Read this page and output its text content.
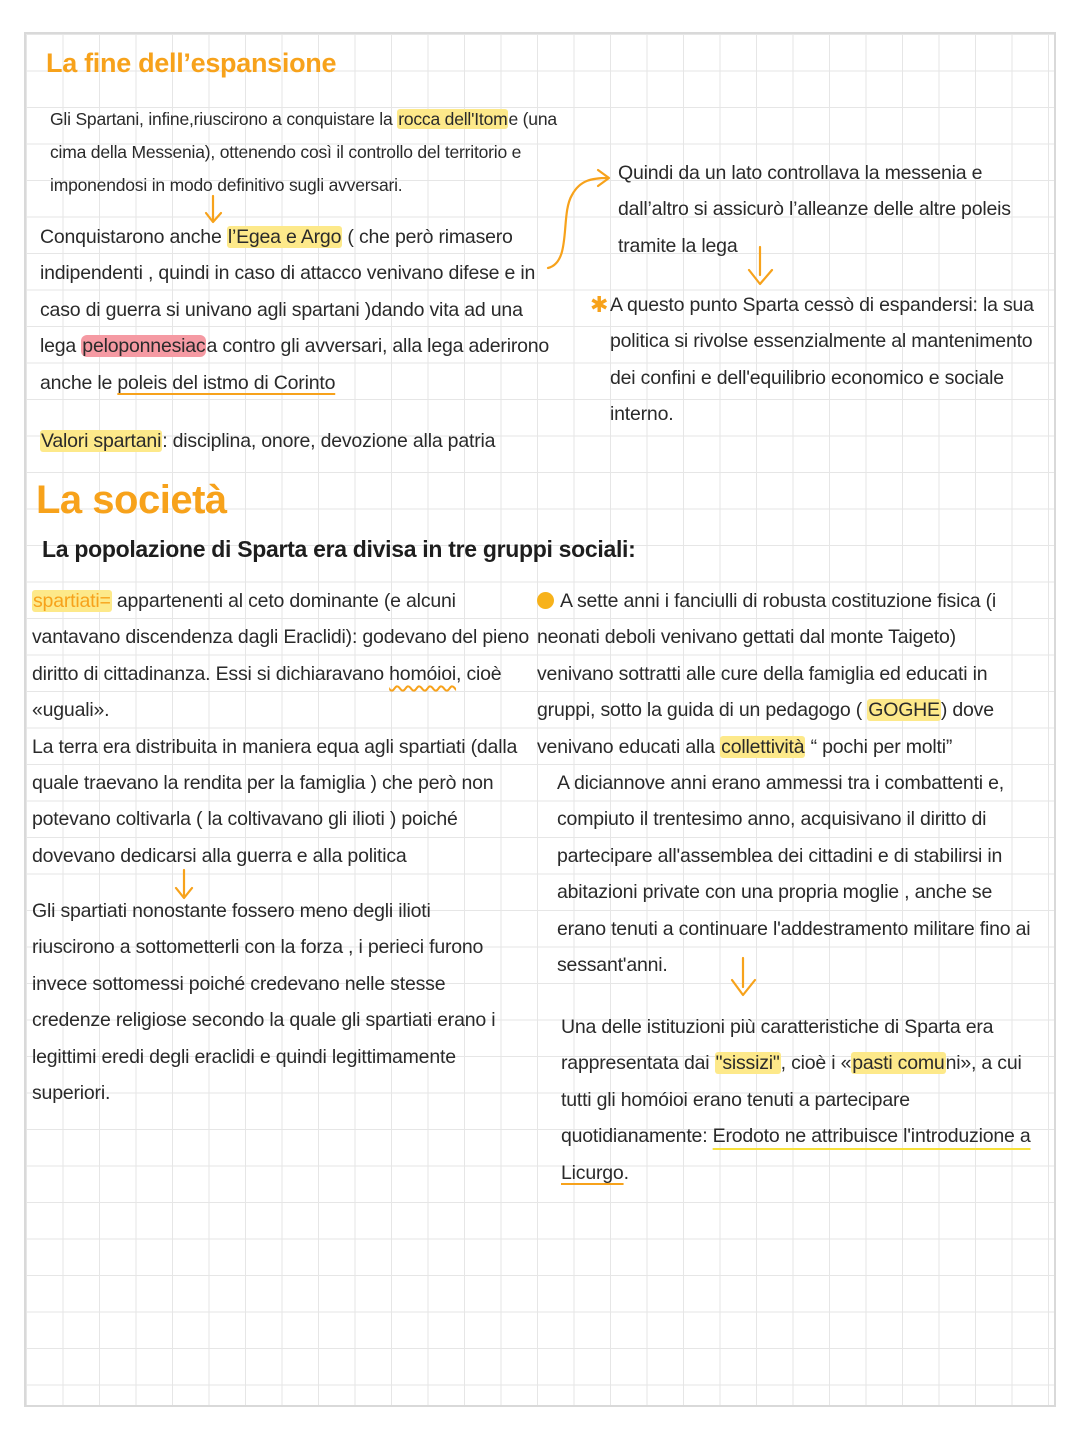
La fine dell’espansione

Gli Spartani, infine,riuscirono a conquistare la rocca dell'Itome (una cima della Messenia), ottenendo così il controllo del territorio e imponendosi in modo definitivo sugli avversari.

Conquistarono anche l’Egea e Argo ( che però rimasero indipendenti , quindi in caso di attacco venivano difese e in caso di guerra si univano agli spartani )dando vita ad una lega peloponnesiaca contro gli avversari, alla lega aderirono anche le poleis del istmo di Corinto

Valori spartani: disciplina, onore, devozione alla patria

Quindi da un lato controllava la messenia e dall’altro si assicurò l’alleanze delle altre poleis tramite la lega

✱ A questo punto Sparta cessò di espandersi: la sua politica si rivolse essenzialmente al mantenimento dei confini e dell'equilibrio economico e sociale interno.

La società
La popolazione di Sparta era divisa in tre gruppi sociali:

spartiati= appartenenti al ceto dominante (e alcuni vantavano discendenza dagli Eraclidi): godevano del pieno diritto di cittadinanza. Essi si dichiaravano homóioi, cioè «uguali».

La terra era distribuita in maniera equa agli spartiati (dalla quale traevano la rendita per la famiglia ) che però non potevano coltivarla ( la coltivavano gli ilioti ) poiché dovevano dedicarsi alla guerra e alla politica

Gli spartiati nonostante fossero meno degli ilioti riuscirono a sottometterli con la forza , i perieci furono invece sottomessi poiché credevano nelle stesse credenze religiose secondo la quale gli spartiati erano i legittimi eredi degli eraclidi e quindi legittimamente superiori.

A sette anni i fanciulli di robusta costituzione fisica (i neonati deboli venivano gettati dal monte Taigeto) venivano sottratti alle cure della famiglia ed educati in gruppi, sotto la guida di un pedagogo ( GOGHE) dove venivano educati alla collettività “ pochi per molti”

A diciannove anni erano ammessi tra i combattenti e, compiuto il trentesimo anno, acquisivano il diritto di partecipare all'assemblea dei cittadini e di stabilirsi in abitazioni private con una propria moglie , anche se erano tenuti a continuare l'addestramento militare fino ai sessant'anni.

Una delle istituzioni più caratteristiche di Sparta era rappresentata dai "sissizi", cioè i «pasti comuni», a cui tutti gli homóioi erano tenuti a partecipare quotidianamente: Erodoto ne attribuisce l'introduzione a Licurgo.
